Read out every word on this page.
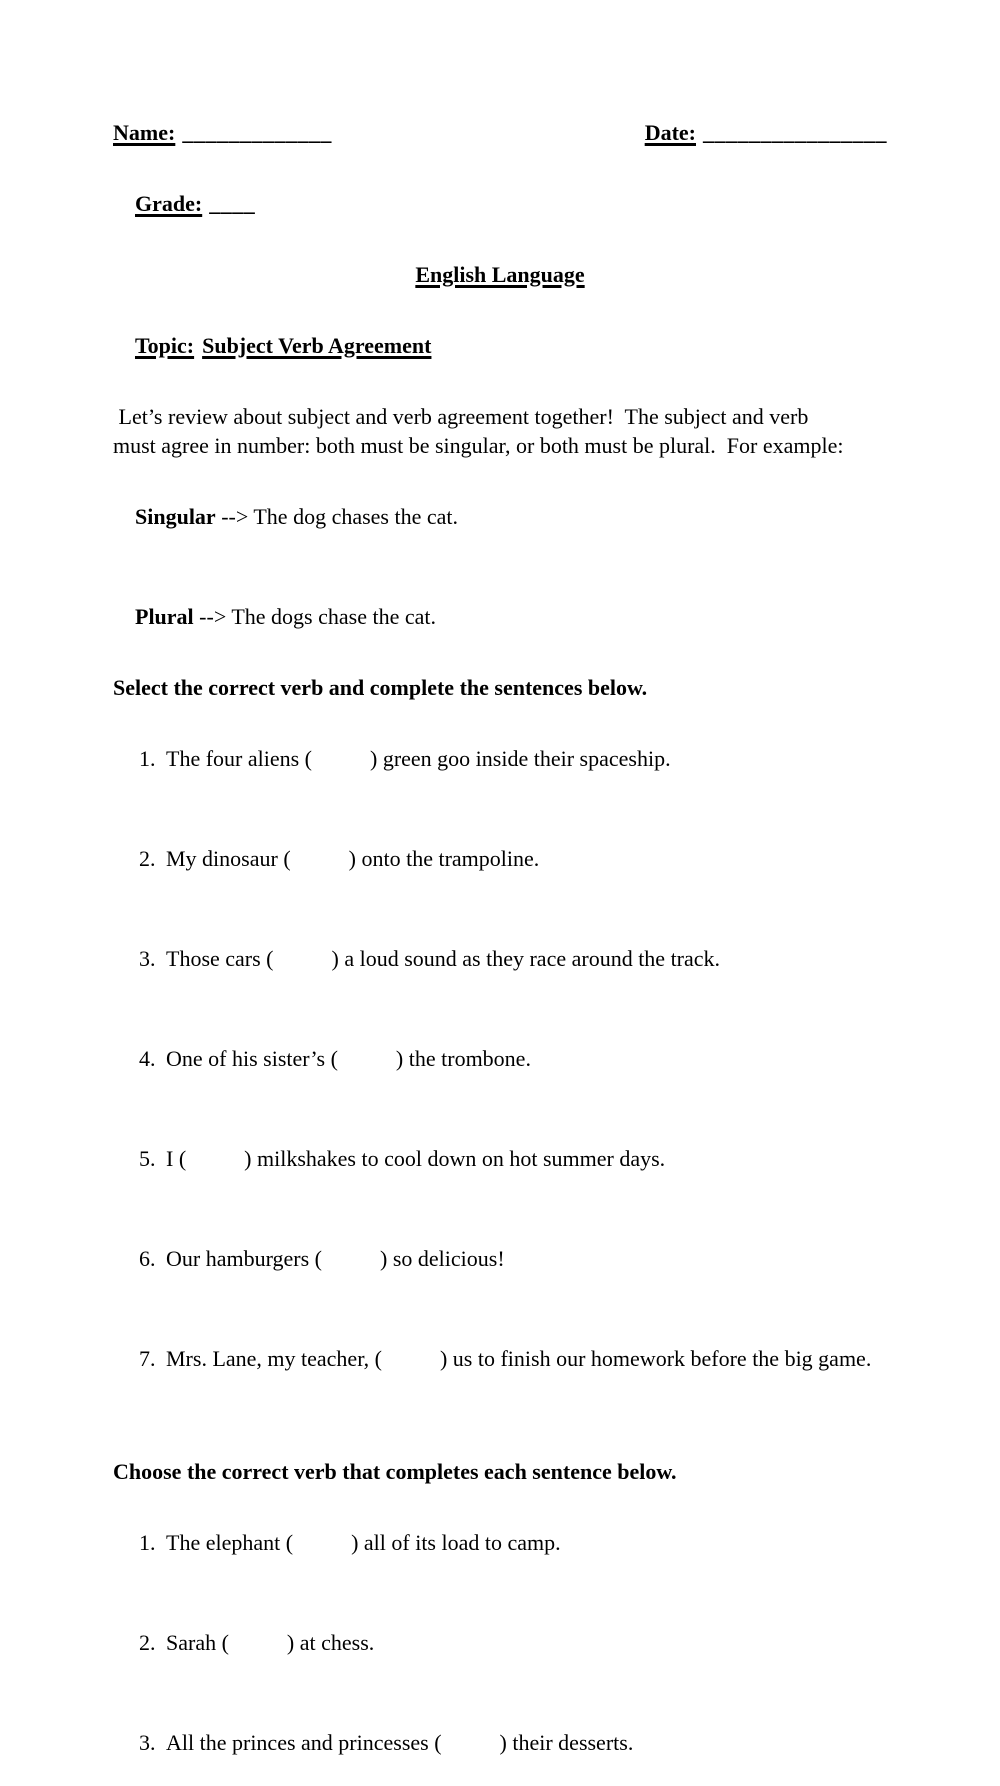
Name: _____________	Date: ________________

Grade: ____

English Language

Topic: Subject Verb Agreement

Let’s review about subject and verb agreement together!  The subject and verb
must agree in number: both must be singular, or both must be plural.  For example:

Singular --> The dog chases the cat.

Plural --> The dogs chase the cat.

Select the correct verb and complete the sentences below.

1. The four aliens (	) green goo inside their spaceship.

2. My dinosaur (	) onto the trampoline.

3. Those cars (	) a loud sound as they race around the track.

4. One of his sister’s (	) the trombone.

5. I (	) milkshakes to cool down on hot summer days.

6. Our hamburgers (	) so delicious!

7. Mrs. Lane, my teacher, (	) us to finish our homework before the big game.

Choose the correct verb that completes each sentence below.

1. The elephant (	) all of its load to camp.

2. Sarah (	) at chess.

3. All the princes and princesses (	) their desserts.
